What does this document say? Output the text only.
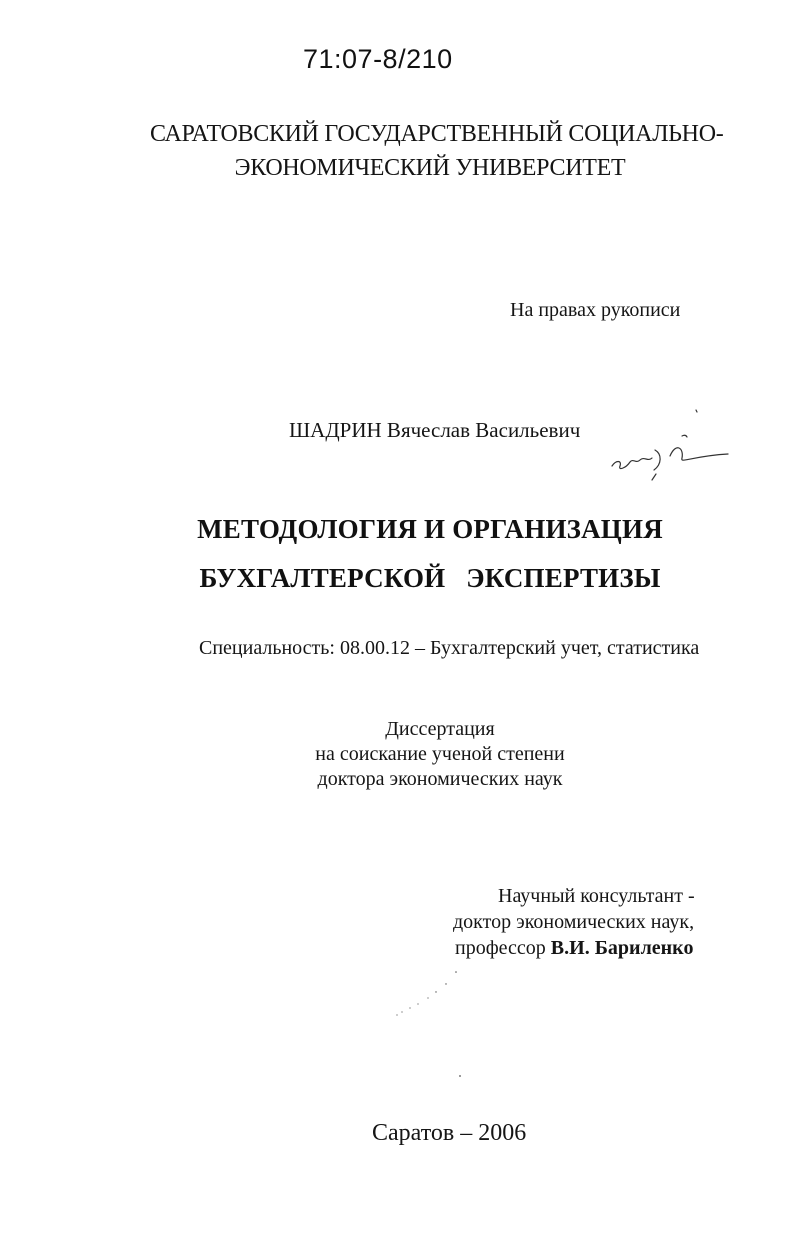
71:07-8/210
САРАТОВСКИЙ ГОСУДАРСТВЕННЫЙ СОЦИАЛЬНО-
ЭКОНОМИЧЕСКИЙ УНИВЕРСИТЕТ
На правах рукописи
ШАДРИН Вячеслав Васильевич
МЕТОДОЛОГИЯ И ОРГАНИЗАЦИЯ
БУХГАЛТЕРСКОЙ   ЭКСПЕРТИЗЫ
Специальность: 08.00.12 – Бухгалтерский учет, статистика
Диссертация
на соискание ученой степени
доктора экономических наук
Научный консультант -
доктор экономических наук,
профессор В.И. Бариленко
Саратов – 2006
